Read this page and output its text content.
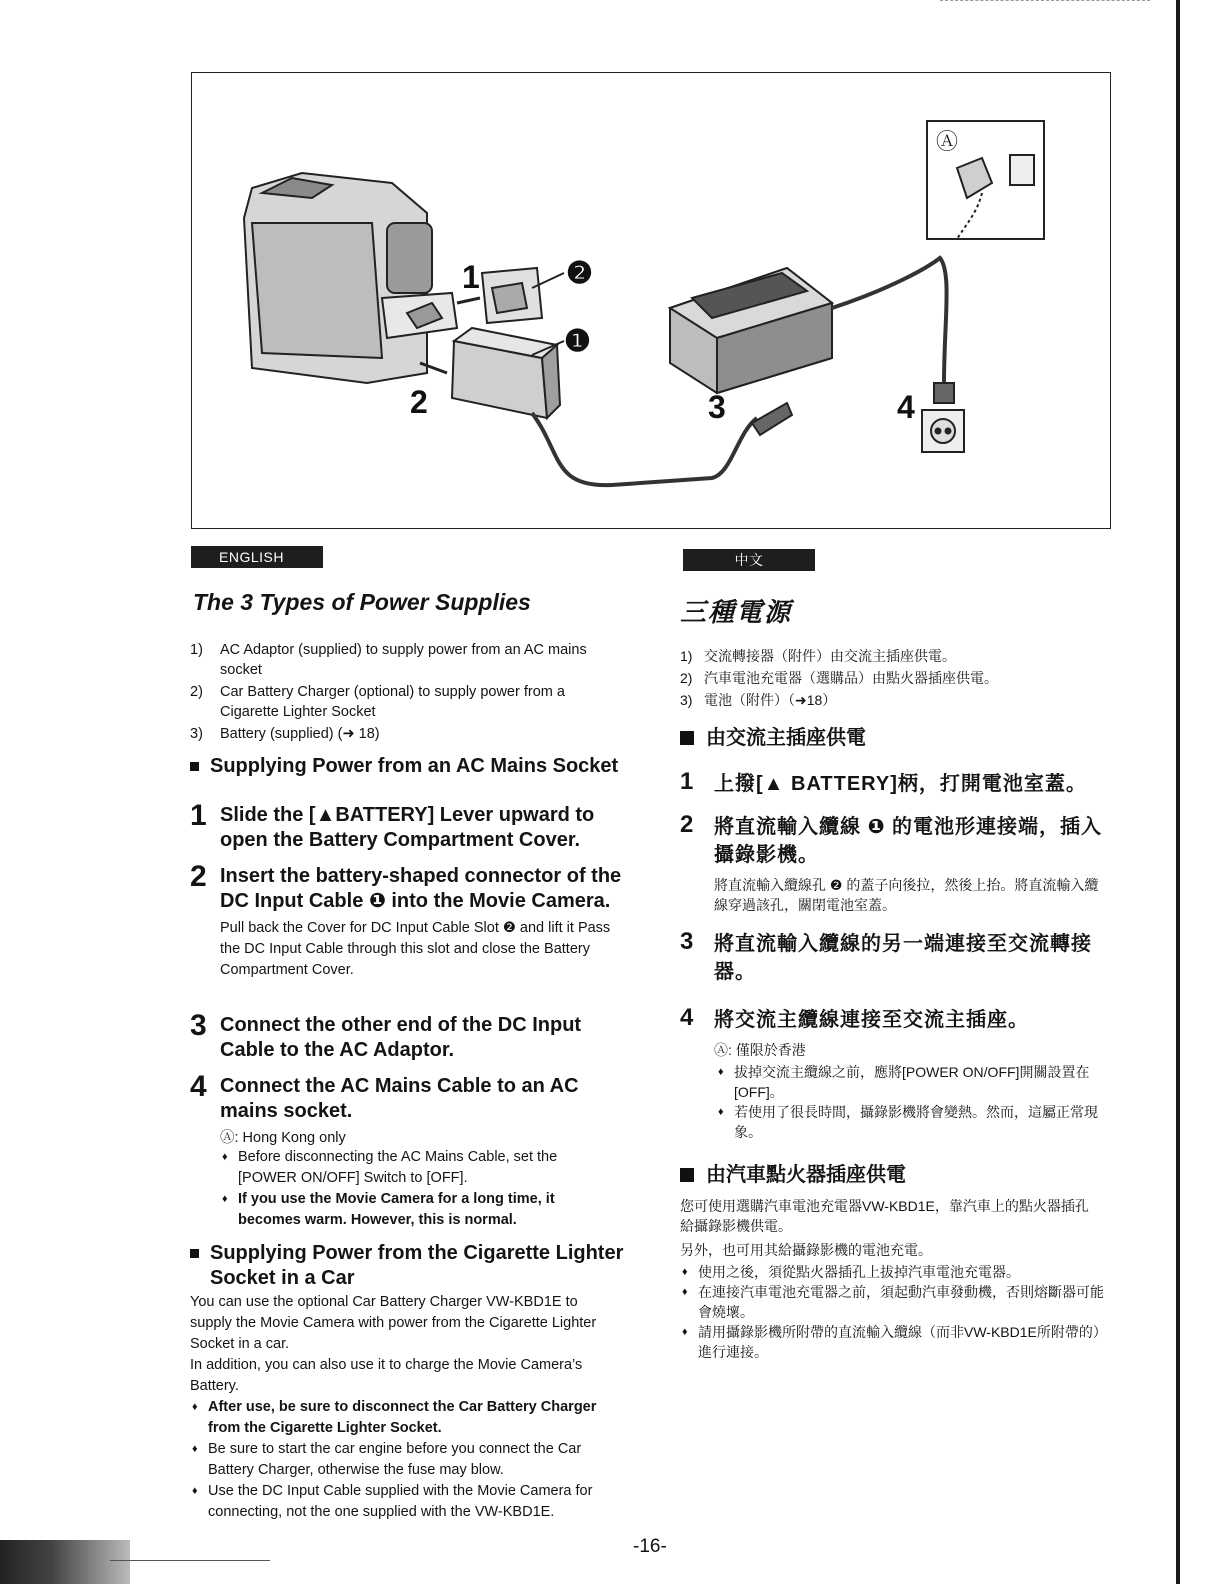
Ⓐ
1
2	3	4
❷
❶
ENGLISH
The 3 Types of Power Supplies
1) AC Adaptor (supplied) to supply power from an AC mains socket
2) Car Battery Charger (optional) to supply power from a Cigarette Lighter Socket
3) Battery (supplied) (➜ 18)
Supplying Power from an AC Mains Socket
1 Slide the [▲BATTERY] Lever upward to open the Battery Compartment Cover.
2 Insert the battery-shaped connector of the DC Input Cable ❶ into the Movie Camera.
Pull back the Cover for DC Input Cable Slot ❷ and lift it Pass the DC Input Cable through this slot and close the Battery Compartment Cover.
3 Connect the other end of the DC Input Cable to the AC Adaptor.
4 Connect the AC Mains Cable to an AC mains socket.
Ⓐ: Hong Kong only
♦ Before disconnecting the AC Mains Cable, set the [POWER ON/OFF] Switch to [OFF].
♦ If you use the Movie Camera for a long time, it becomes warm. However, this is normal.
Supplying Power from the Cigarette Lighter Socket in a Car

You can use the optional Car Battery Charger VW-KBD1E to supply the Movie Camera with power from the Cigarette Lighter Socket in a car.

In addition, you can also use it to charge the Movie Camera’s Battery.

♦ After use, be sure to disconnect the Car Battery Charger from the Cigarette Lighter Socket.
♦ Be sure to start the car engine before you connect the Car Battery Charger, otherwise the fuse may blow.
♦ Use the DC Input Cable supplied with the Movie Camera for connecting, not the one supplied with the VW-KBD1E.
中文
三種電源
1) 交流轉接器（附件）由交流主插座供電。
2) 汽車電池充電器（選購品）由點火器插座供電。
3) 電池（附件）（➜18）
由交流主插座供電
1 上撥[▲ BATTERY]柄，打開電池室蓋。
2 將直流輸入纜線 ❶ 的電池形連接端，插入攝錄影機。
將直流輸入纜線孔 ❷ 的蓋子向後拉，然後上抬。將直流輸入纜線穿過該孔，關閉電池室蓋。
3 將直流輸入纜線的另一端連接至交流轉接器。
4 將交流主纜線連接至交流主插座。
Ⓐ: 僅限於香港
♦ 拔掉交流主纜線之前，應將[POWER ON/OFF]開關設置在[OFF]。
♦ 若使用了很長時間，攝錄影機將會變熱。然而，這屬正常現象。
由汽車點火器插座供電

您可使用選購汽車電池充電器VW-KBD1E，靠汽車上的點火器插孔給攝錄影機供電。

另外，也可用其給攝錄影機的電池充電。

♦ 使用之後，須從點火器插孔上拔掉汽車電池充電器。
♦ 在連接汽車電池充電器之前，須起動汽車發動機，否則熔斷器可能會燒壞。
♦ 請用攝錄影機所附帶的直流輸入纜線（而非VW-KBD1E所附帶的）進行連接。
-16-
